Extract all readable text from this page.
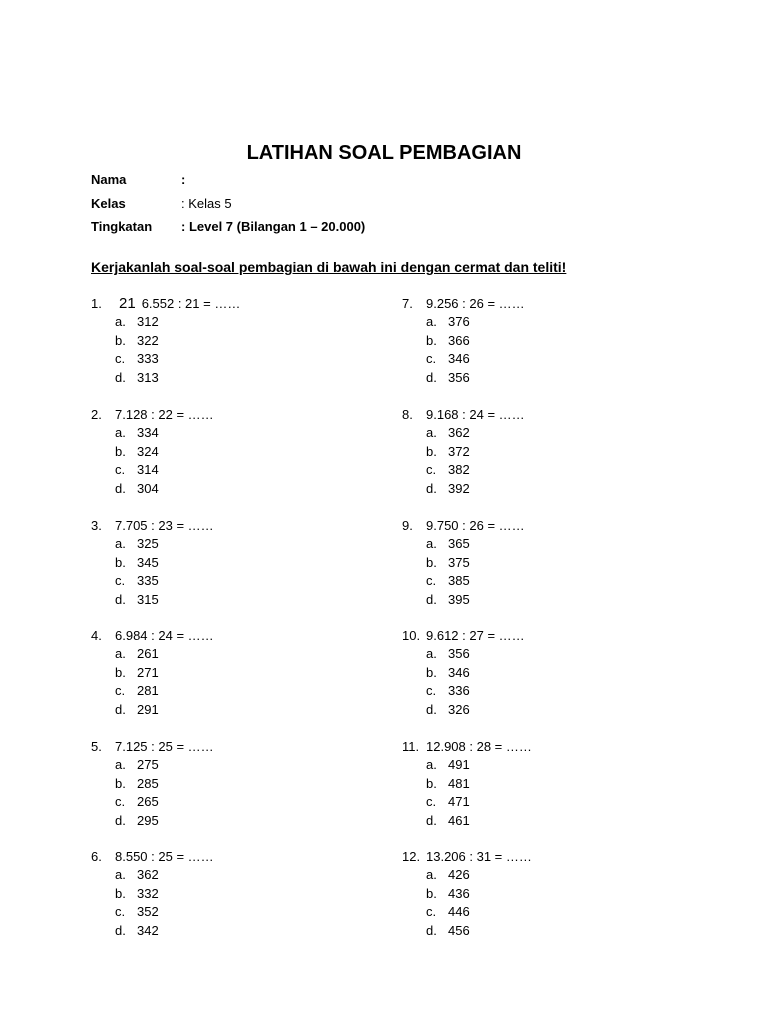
LATIHAN SOAL PEMBAGIAN
Nama	:
Kelas	: Kelas 5
Tingkatan : Level 7 (Bilangan 1 – 20.000)
Kerjakanlah soal-soal pembagian di bawah ini dengan cermat dan teliti!
1. 21 6.552 : 21 = ……
a. 312
b. 322
c. 333
d. 313
2. 7.128 : 22 = ……
a. 334
b. 324
c. 314
d. 304
3. 7.705 : 23 = ……
a. 325
b. 345
c. 335
d. 315
4. 6.984 : 24 = ……
a. 261
b. 271
c. 281
d. 291
5. 7.125 : 25 = ……
a. 275
b. 285
c. 265
d. 295
6. 8.550 : 25 = ……
a. 362
b. 332
c. 352
d. 342
7. 9.256 : 26 = ……
a. 376
b. 366
c. 346
d. 356
8. 9.168 : 24 = ……
a. 362
b. 372
c. 382
d. 392
9. 9.750 : 26 = ……
a. 365
b. 375
c. 385
d. 395
10. 9.612 : 27 = ……
a. 356
b. 346
c. 336
d. 326
11. 12.908 : 28 = ……
a. 491
b. 481
c. 471
d. 461
12. 13.206 : 31 = ……
a. 426
b. 436
c. 446
d. 456
